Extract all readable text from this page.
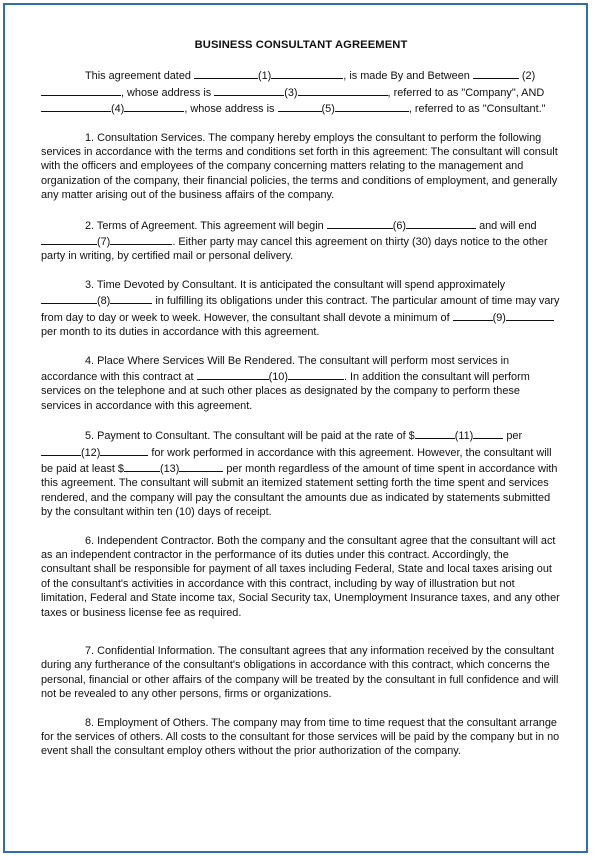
BUSINESS CONSULTANT AGREEMENT

This agreement dated	(1)	, is made By and Between	(2), whose address is	(3)	, referred to as "Company", AND (4)	, whose address is	(5)	, referred to as "Consultant."

1. Consultation Services. The company hereby employs the consultant to perform the following services in accordance with the terms and conditions set forth in this agreement: The consultant will consult with the officers and employees of the company concerning matters relating to the management and organization of the company, their financial policies, the terms and conditions of employment, and generally any matter arising out of the business affairs of the company.

2. Terms of Agreement. This agreement will begin	(6)	and will end (7)	. Either party may cancel this agreement on thirty (30) days notice to the other party in writing, by certified mail or personal delivery.

3. Time Devoted by Consultant. It is anticipated the consultant will spend approximately (8)	in fulfilling its obligations under this contract. The particular amount of time may vary from day to day or week to week. However, the consultant shall devote a minimum of	(9) per month to its duties in accordance with this agreement.

4. Place Where Services Will Be Rendered. The consultant will perform most services in accordance with this contract at	(10)	. In addition the consultant will perform services on the telephone and at such other places as designated by the company to perform these services in accordance with this agreement.

5. Payment to Consultant. The consultant will be paid at the rate of $	(11)	per (12)	for work performed in accordance with this agreement. However, the consultant will be paid at least $	(13)	per month regardless of the amount of time spent in accordance with this agreement. The consultant will submit an itemized statement setting forth the time spent and services rendered, and the company will pay the consultant the amounts due as indicated by statements submitted by the consultant within ten (10) days of receipt.

6. Independent Contractor. Both the company and the consultant agree that the consultant will act as an independent contractor in the performance of its duties under this contract. Accordingly, the consultant shall be responsible for payment of all taxes including Federal, State and local taxes arising out of the consultant's activities in accordance with this contract, including by way of illustration but not limitation, Federal and State income tax, Social Security tax, Unemployment Insurance taxes, and any other taxes or business license fee as required.

7. Confidential Information. The consultant agrees that any information received by the consultant during any furtherance of the consultant's obligations in accordance with this contract, which concerns the personal, financial or other affairs of the company will be treated by the consultant in full confidence and will not be revealed to any other persons, firms or organizations.

8. Employment of Others. The company may from time to time request that the consultant arrange for the services of others. All costs to the consultant for those services will be paid by the company but in no event shall the consultant employ others without the prior authorization of the company.
